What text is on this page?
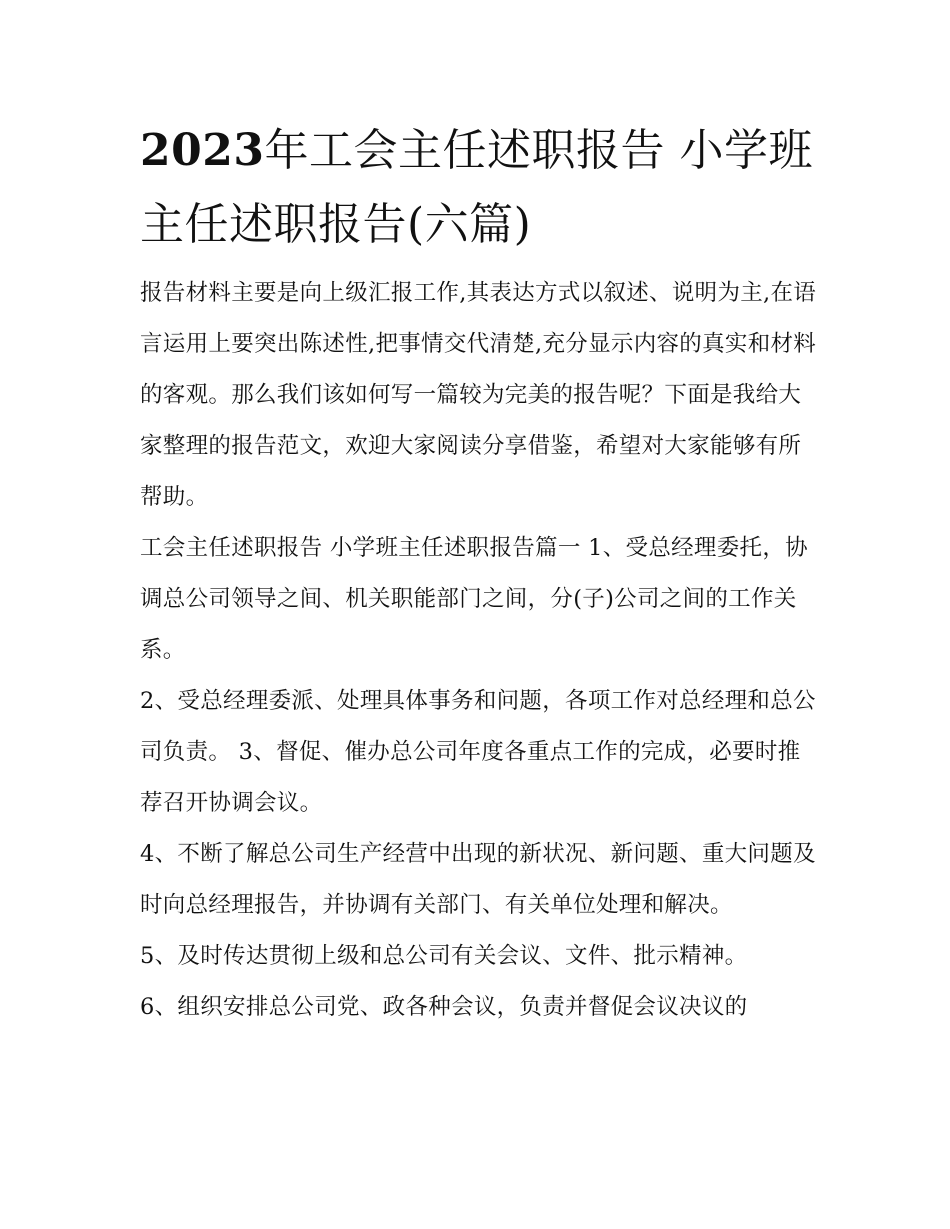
2023年工会主任述职报告 小学班主任述职报告(六篇)

报告材料主要是向上级汇报工作,其表达方式以叙述、说明为主,在语言运用上要突出陈述性,把事情交代清楚,充分显示内容的真实和材料的客观。那么我们该如何写一篇较为完美的报告呢？下面是我给大家整理的报告范文，欢迎大家阅读分享借鉴，希望对大家能够有所帮助。

工会主任述职报告 小学班主任述职报告篇一 1、受总经理委托，协调总公司领导之间、机关职能部门之间，分(子)公司之间的工作关系。

2、受总经理委派、处理具体事务和问题，各项工作对总经理和总公司负责。 3、督促、催办总公司年度各重点工作的完成，必要时推荐召开协调会议。

4、不断了解总公司生产经营中出现的新状况、新问题、重大问题及时向总经理报告，并协调有关部门、有关单位处理和解决。

5、及时传达贯彻上级和总公司有关会议、文件、批示精神。

6、组织安排总公司党、政各种会议，负责并督促会议决议的
